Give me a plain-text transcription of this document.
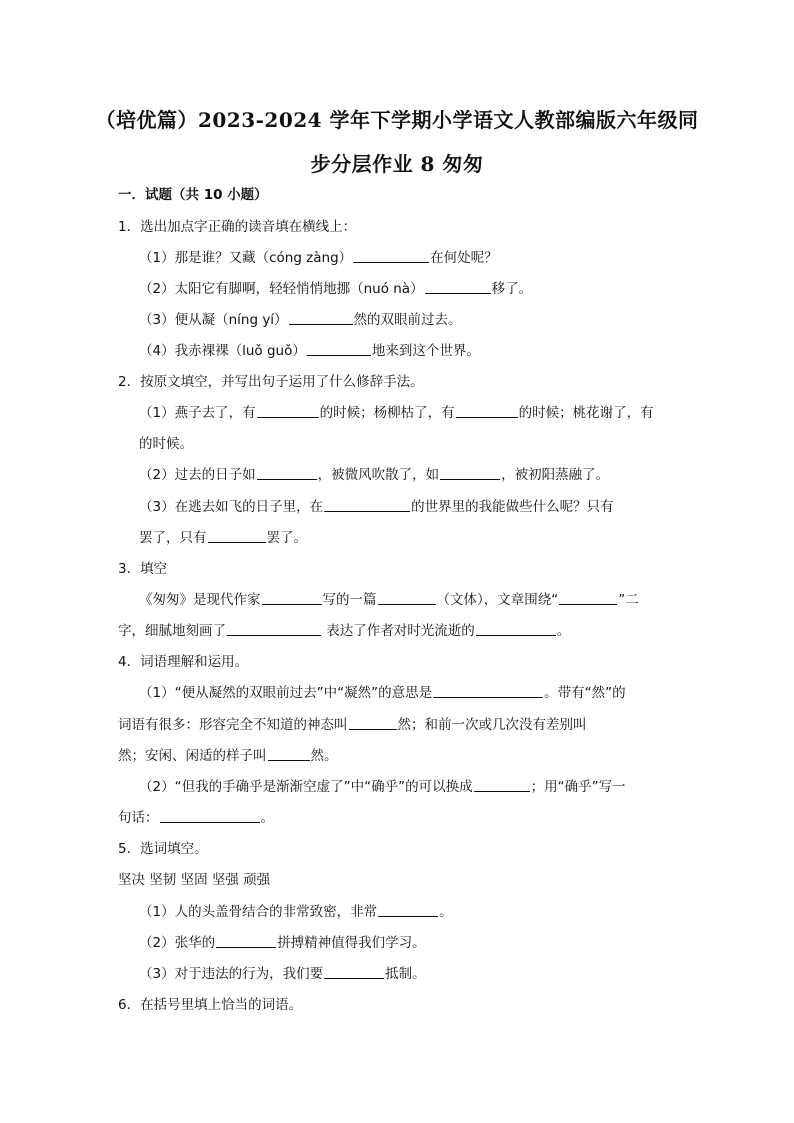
（培优篇）2023-2024 学年下学期小学语文人教部编版六年级同
步分层作业 8 匆匆
一．试题（共 10 小题）
1．选出加点字正确的读音填在横线上：
（1）那是谁？又藏（cóng zàng）	在何处呢？
（2）太阳它有脚啊，轻轻悄悄地挪（nuó nà）	移了。
（3）便从凝（níng yí）	然的双眼前过去。
（4）我赤裸裸（luǒ guǒ）	地来到这个世界。
2．按原文填空，并写出句子运用了什么修辞手法。
（1）燕子去了，有	的时候；杨柳枯了，有	的时候；桃花谢了，有
的时候。
（2）过去的日子如	，被微风吹散了，如	，被初阳蒸融了。
（3）在逃去如飞的日子里，在	的世界里的我能做些什么呢？只有
罢了，只有	罢了。
3．填空
《匆匆》是现代作家	写的一篇	（文体），文章围绕“	”二
字，细腻地刻画了	表达了作者对时光流逝的	。
4．词语理解和运用。
（1）“便从凝然的双眼前过去”中“凝然”的意思是	。带有“然”的
词语有很多：形容完全不知道的神态叫	然；和前一次或几次没有差别叫
然；安闲、闲适的样子叫	然。
（2）“但我的手确乎是渐渐空虚了”中“确乎”的可以换成	；用“确乎”写一
句话：	。
5．选词填空。
坚决 坚韧 坚固 坚强 顽强
（1）人的头盖骨结合的非常致密，非常	。
（2）张华的	拼搏精神值得我们学习。
（3）对于违法的行为，我们要	抵制。
6．在括号里填上恰当的词语。
